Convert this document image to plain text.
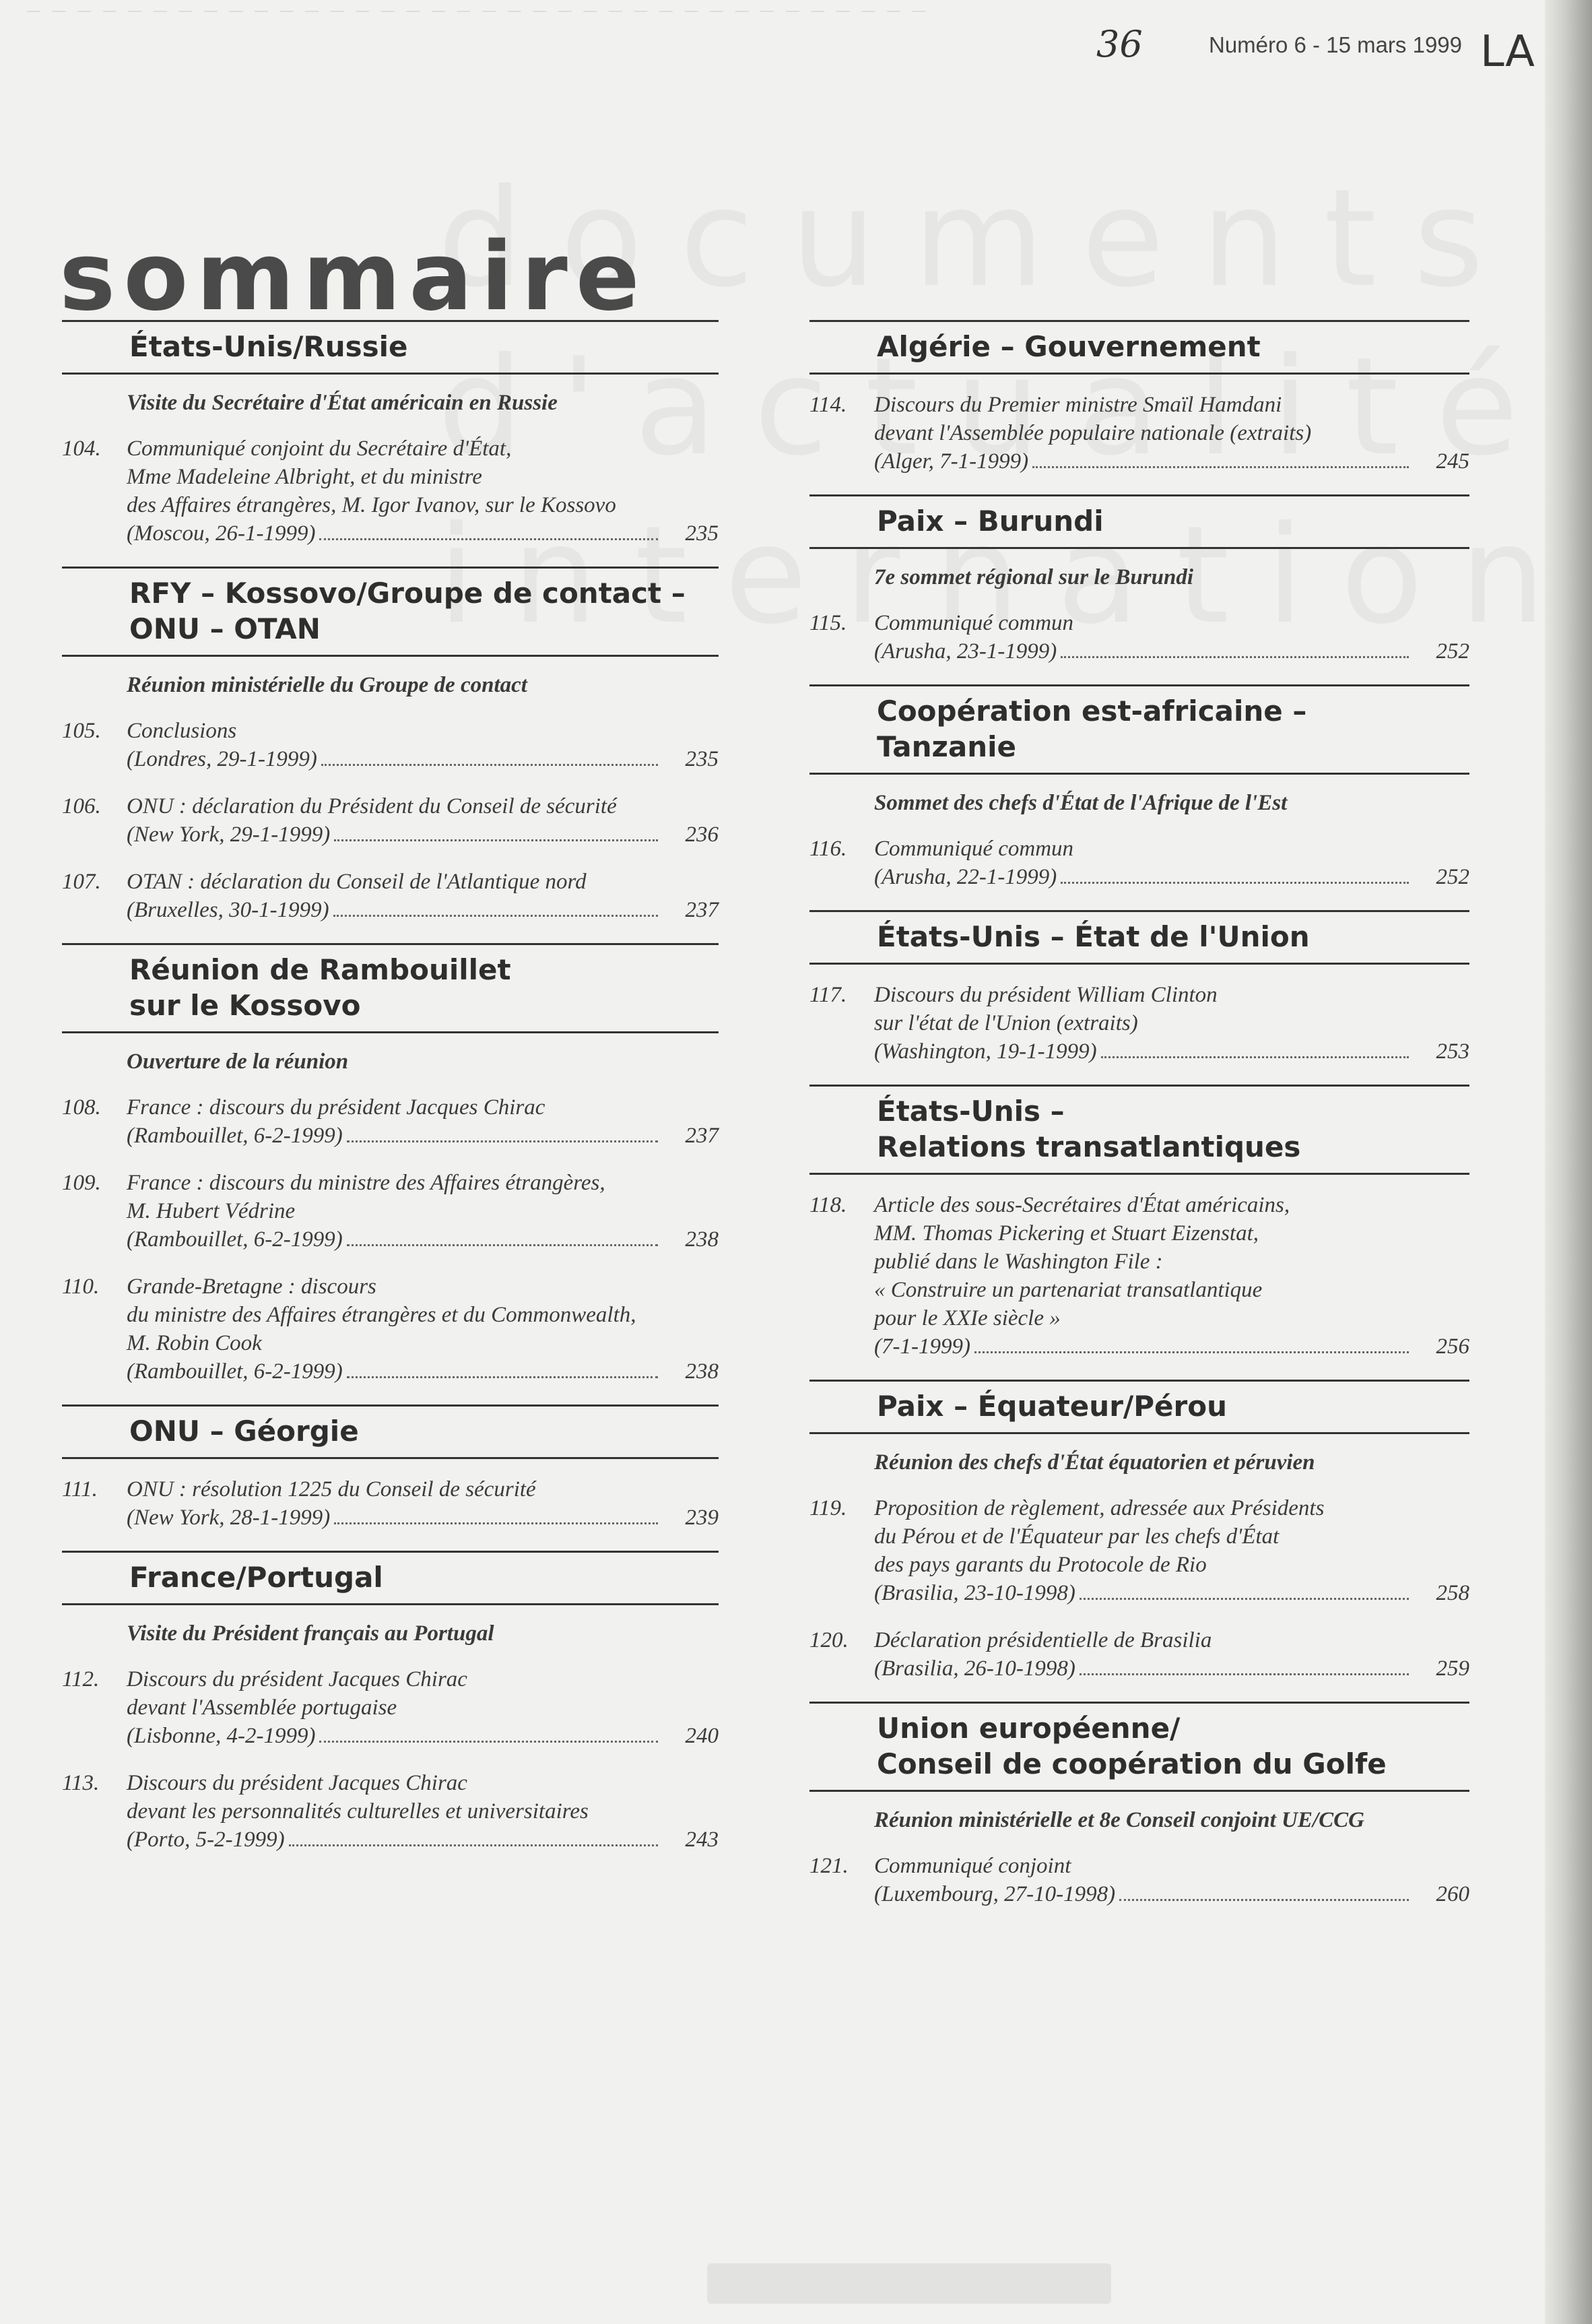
— — — — — — — — — — — — — — — — — — — — — — — — — — — — — — — — — — — —
36	Numéro 6 - 15 mars 1999 LA
sommaire
États-Unis/Russie
Visite du Secrétaire d'État américain en Russie
104.	Communiqué conjoint du Secrétaire d'État,
Mme Madeleine Albright, et du ministre
des Affaires étrangères, M. Igor Ivanov, sur le Kossovo
(Moscou, 26-1-1999)	235
RFY – Kossovo/Groupe de contact –
ONU – OTAN
Réunion ministérielle du Groupe de contact
105.	Conclusions
(Londres, 29-1-1999)	235
106.	ONU : déclaration du Président du Conseil de sécurité
(New York, 29-1-1999)	236
107.	OTAN : déclaration du Conseil de l'Atlantique nord
(Bruxelles, 30-1-1999)	237
Réunion de Rambouillet
sur le Kossovo
Ouverture de la réunion
108.	France : discours du président Jacques Chirac
(Rambouillet, 6-2-1999)	237
109.	France : discours du ministre des Affaires étrangères,
M. Hubert Védrine
(Rambouillet, 6-2-1999)	238
110.	Grande-Bretagne : discours
du ministre des Affaires étrangères et du Commonwealth,
M. Robin Cook
(Rambouillet, 6-2-1999)	238
ONU – Géorgie
111.	ONU : résolution 1225 du Conseil de sécurité
(New York, 28-1-1999)	239
France/Portugal
Visite du Président français au Portugal
112.	Discours du président Jacques Chirac
devant l'Assemblée portugaise
(Lisbonne, 4-2-1999)	240
113.	Discours du président Jacques Chirac
devant les personnalités culturelles et universitaires
(Porto, 5-2-1999)	243
Algérie – Gouvernement
114.	Discours du Premier ministre Smaïl Hamdani
devant l'Assemblée populaire nationale (extraits)
(Alger, 7-1-1999)	245
Paix – Burundi
7e sommet régional sur le Burundi
115.	Communiqué commun
(Arusha, 23-1-1999)	252
Coopération est-africaine –
Tanzanie
Sommet des chefs d'État de l'Afrique de l'Est
116.	Communiqué commun
(Arusha, 22-1-1999)	252
États-Unis – État de l'Union
117.	Discours du président William Clinton
sur l'état de l'Union (extraits)
(Washington, 19-1-1999)	253
États-Unis –
Relations transatlantiques
118.	Article des sous-Secrétaires d'État américains,
MM. Thomas Pickering et Stuart Eizenstat,
publié dans le Washington File :
« Construire un partenariat transatlantique
pour le XXIe siècle »
(7-1-1999)	256
Paix – Équateur/Pérou
Réunion des chefs d'État équatorien et péruvien
119.	Proposition de règlement, adressée aux Présidents
du Pérou et de l'Équateur par les chefs d'État
des pays garants du Protocole de Rio
(Brasilia, 23-10-1998)	258
120.	Déclaration présidentielle de Brasilia
(Brasilia, 26-10-1998)	259
Union européenne/
Conseil de coopération du Golfe
Réunion ministérielle et 8e Conseil conjoint UE/CCG
121.	Communiqué conjoint
(Luxembourg, 27-10-1998)	260
